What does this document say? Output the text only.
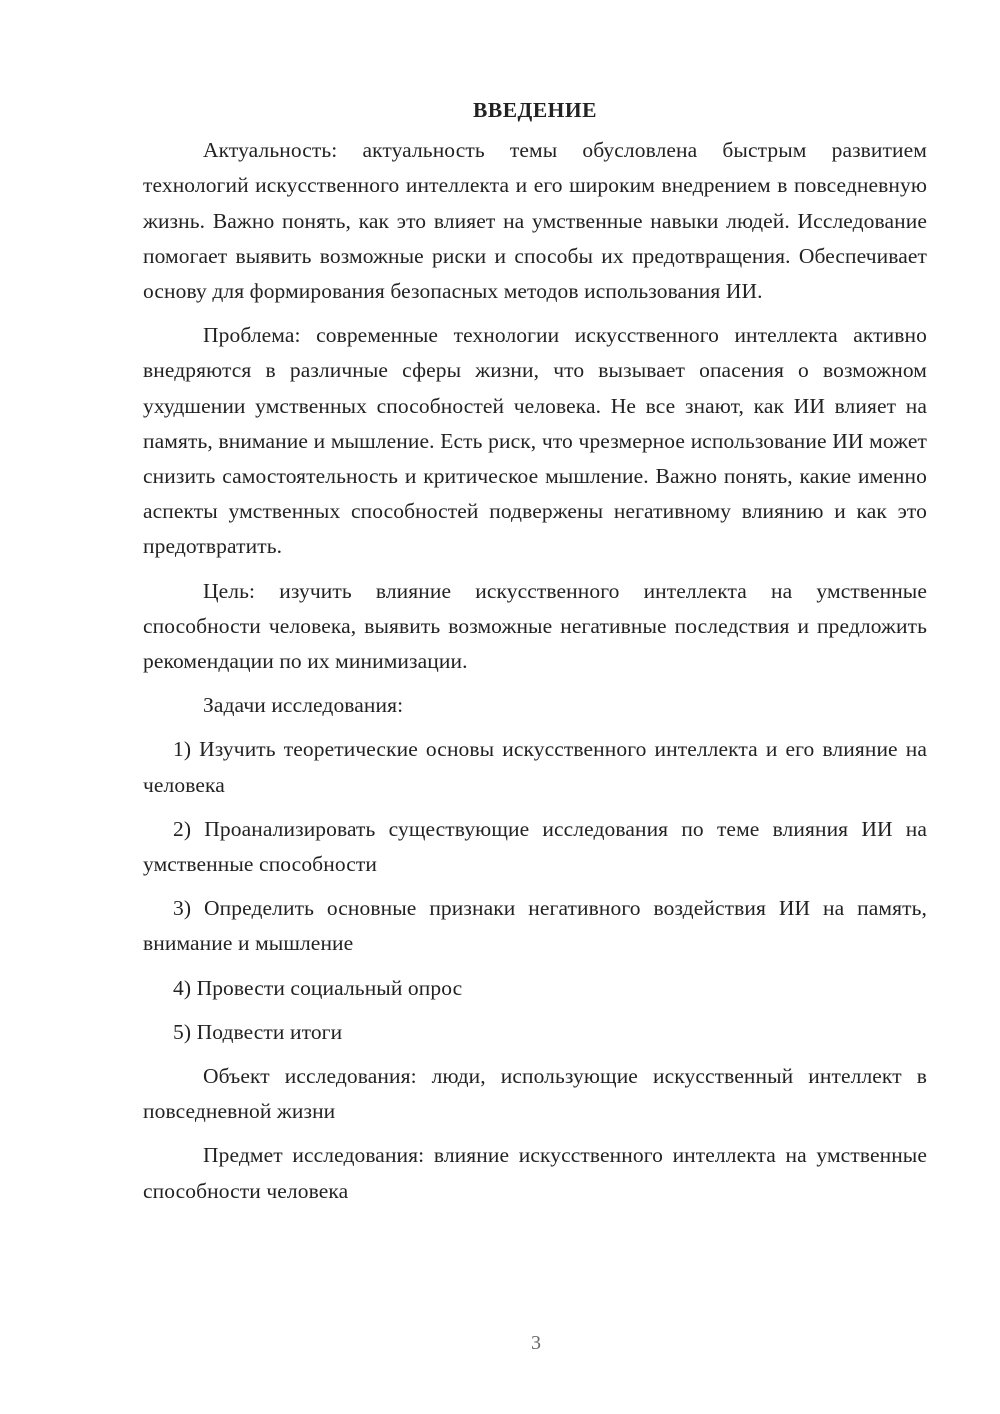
ВВЕДЕНИЕ

Актуальность: актуальность темы обусловлена быстрым развитием технологий искусственного интеллекта и его широким внедрением в повседневную жизнь. Важно понять, как это влияет на умственные навыки людей. Исследование помогает выявить возможные риски и способы их предотвращения. Обеспечивает основу для формирования безопасных методов использования ИИ.

Проблема: современные технологии искусственного интеллекта активно внедряются в различные сферы жизни, что вызывает опасения о возможном ухудшении умственных способностей человека. Не все знают, как ИИ влияет на память, внимание и мышление. Есть риск, что чрезмерное использование ИИ может снизить самостоятельность и критическое мышление. Важно понять, какие именно аспекты умственных способностей подвержены негативному влиянию и как это предотвратить.

Цель: изучить влияние искусственного интеллекта на умственные способности человека, выявить возможные негативные последствия и предложить рекомендации по их минимизации.

Задачи исследования:

1) Изучить теоретические основы искусственного интеллекта и его влияние на человека

2) Проанализировать существующие исследования по теме влияния ИИ на умственные способности

3) Определить основные признаки негативного воздействия ИИ на память, внимание и мышление

4) Провести социальный опрос

5) Подвести итоги

Объект исследования: люди, использующие искусственный интеллект в повседневной жизни

Предмет исследования: влияние искусственного интеллекта на умственные способности человека

3
